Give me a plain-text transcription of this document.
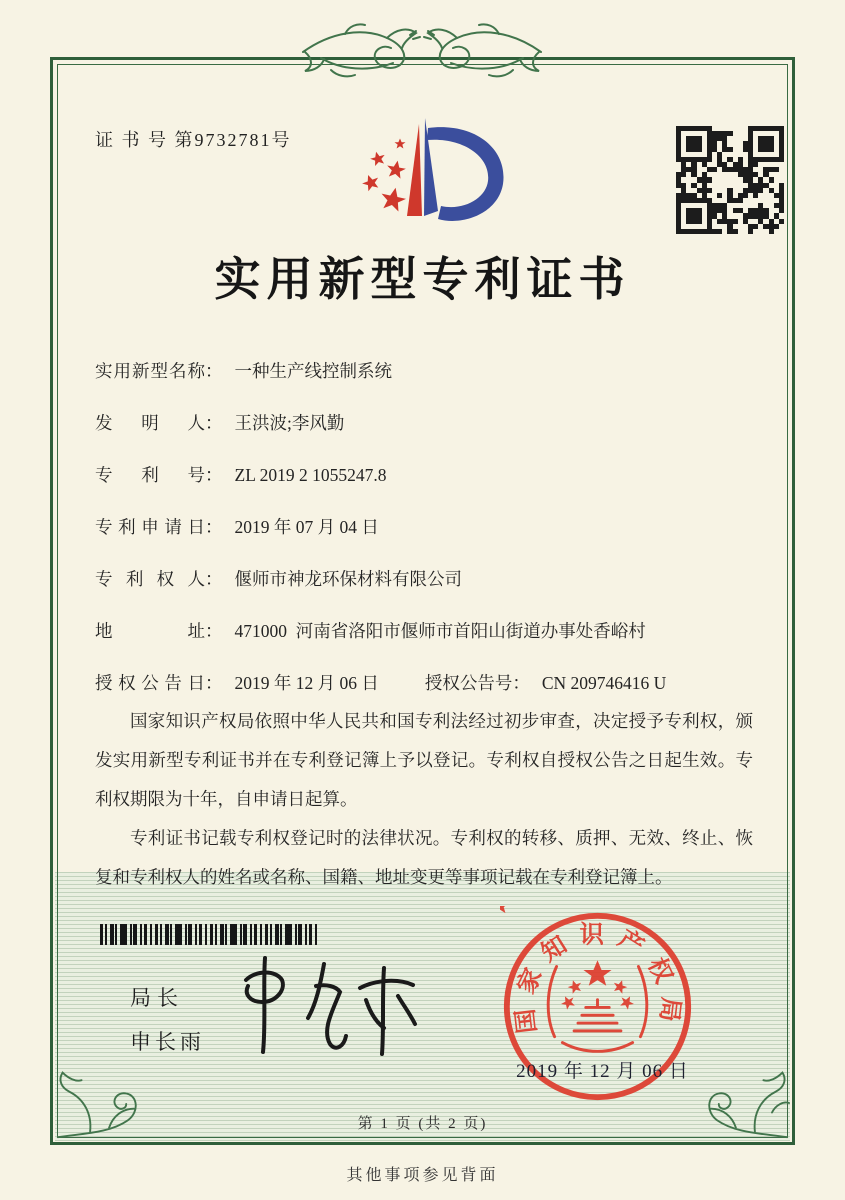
证 书 号 第9732781号
实用新型专利证书
实用新型名称： 一种生产线控制系统
发明人： 王洪波;李风勤
专利号： ZL 2019 2 1055247.8
专利申请日： 2019 年 07 月 04 日
专利权人： 偃师市神龙环保材料有限公司
地址： 471000  河南省洛阳市偃师市首阳山街道办事处香峪村
授权公告日： 2019 年 12 月 06 日	授权公告号： CN 209746416 U

国家知识产权局依照中华人民共和国专利法经过初步审查，决定授予专利权，颁发实用新型专利证书并在专利登记簿上予以登记。专利权自授权公告之日起生效。专利权期限为十年，自申请日起算。

专利证书记载专利权登记时的法律状况。专利权的转移、质押、无效、终止、恢复和专利权人的姓名或名称、国籍、地址变更等事项记载在专利登记簿上。

局长
申长雨
国家知识产权局
2019 年 12 月 06 日
第 1 页 (共 2 页)
其他事项参见背面
